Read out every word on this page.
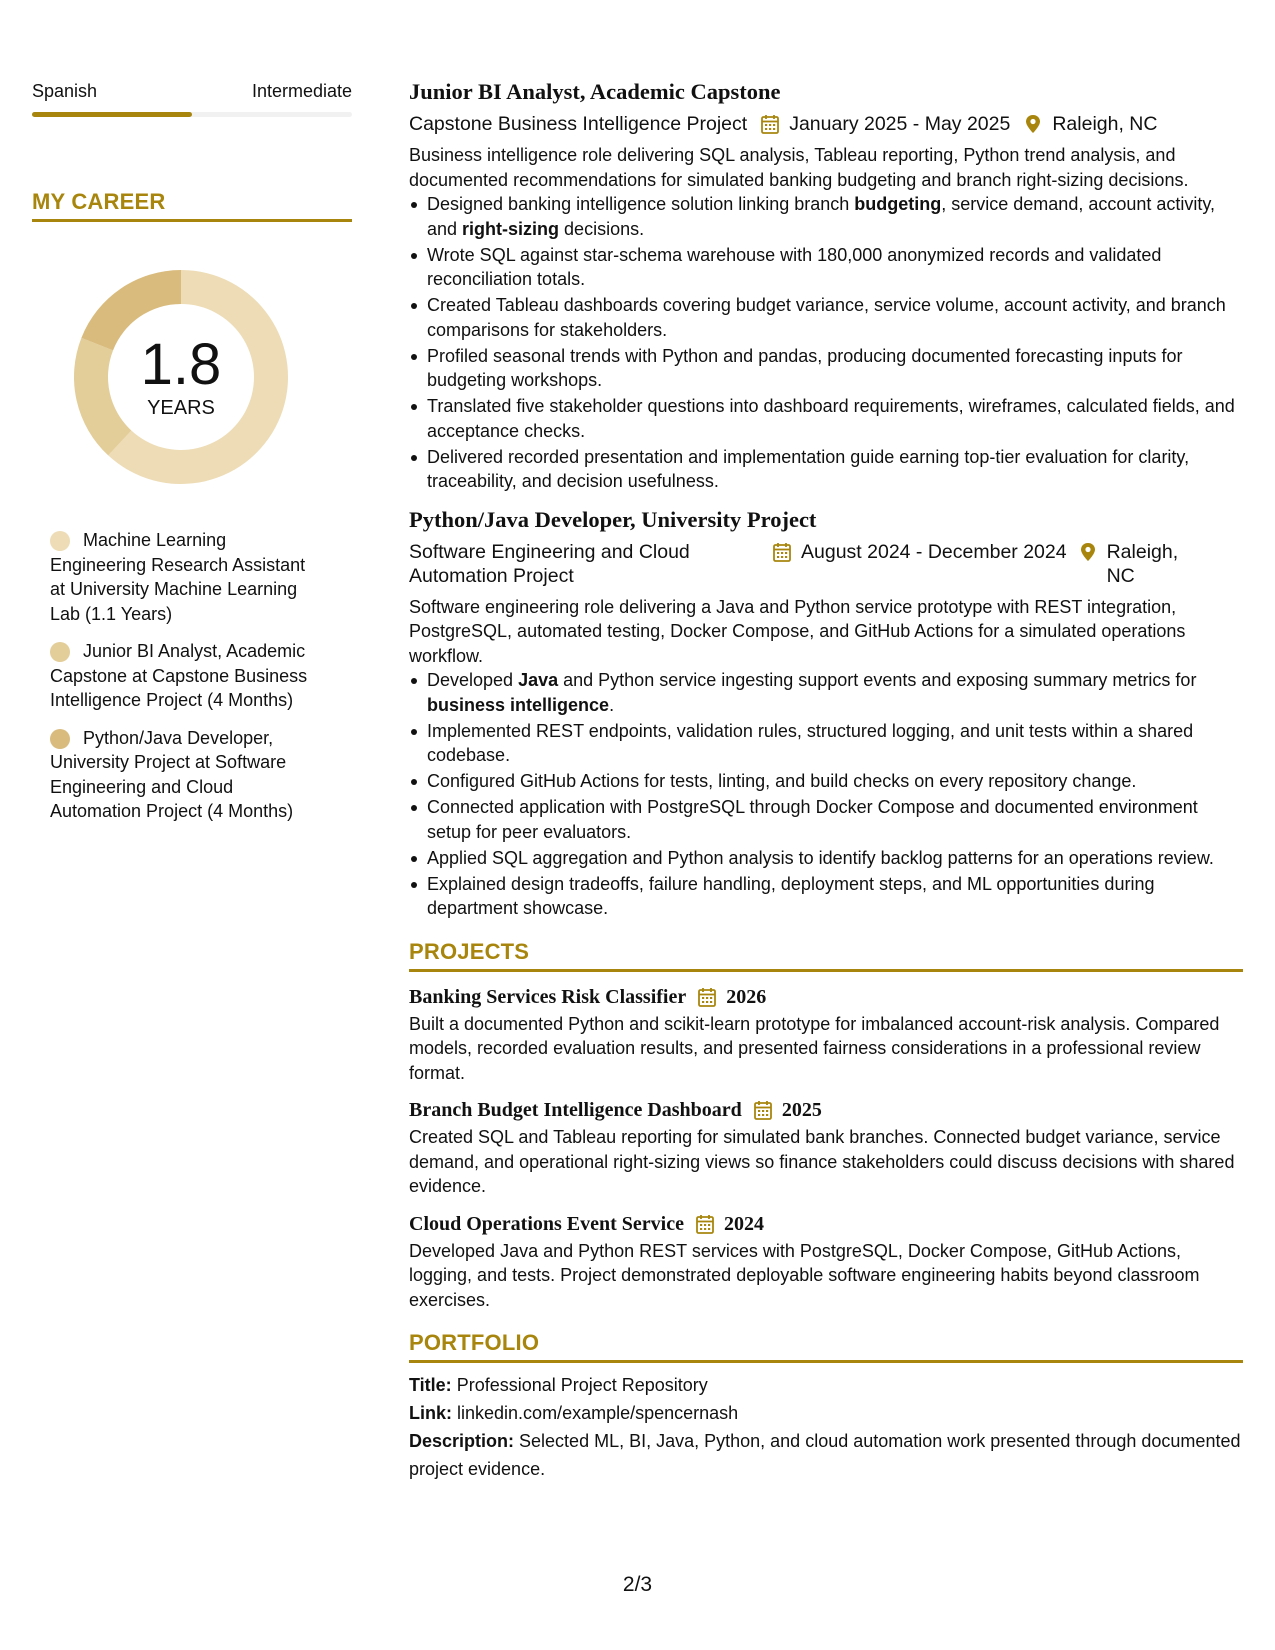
Spanish	Intermediate
MY CAREER
1.8
YEARS
Machine Learning Engineering Research Assistant at University Machine Learning Lab (1.1 Years)
Junior BI Analyst, Academic Capstone at Capstone Business Intelligence Project (4 Months)
Python/Java Developer, University Project at Software Engineering and Cloud Automation Project (4 Months)
Junior BI Analyst, Academic Capstone
Capstone Business Intelligence Project January 2025 - May 2025 Raleigh, NC
Business intelligence role delivering SQL analysis, Tableau reporting, Python trend analysis, and documented recommendations for simulated banking budgeting and branch right-sizing decisions.
Designed banking intelligence solution linking branch budgeting, service demand, account activity, and right-sizing decisions.
Wrote SQL against star-schema warehouse with 180,000 anonymized records and validated reconciliation totals.
Created Tableau dashboards covering budget variance, service volume, account activity, and branch comparisons for stakeholders.
Profiled seasonal trends with Python and pandas, producing documented forecasting inputs for budgeting workshops.
Translated five stakeholder questions into dashboard requirements, wireframes, calculated fields, and acceptance checks.
Delivered recorded presentation and implementation guide earning top-tier evaluation for clarity, traceability, and decision usefulness.
Python/Java Developer, University Project
Software Engineering and Cloud Automation Project
August 2024 - December 2024 Raleigh, NC
Software engineering role delivering a Java and Python service prototype with REST integration, PostgreSQL, automated testing, Docker Compose, and GitHub Actions for a simulated operations workflow.
Developed Java and Python service ingesting support events and exposing summary metrics for business intelligence.
Implemented REST endpoints, validation rules, structured logging, and unit tests within a shared codebase.
Configured GitHub Actions for tests, linting, and build checks on every repository change.
Connected application with PostgreSQL through Docker Compose and documented environment setup for peer evaluators.
Applied SQL aggregation and Python analysis to identify backlog patterns for an operations review.
Explained design tradeoffs, failure handling, deployment steps, and ML opportunities during department showcase.
PROJECTS
Banking Services Risk Classifier 2026
Built a documented Python and scikit-learn prototype for imbalanced account-risk analysis. Compared models, recorded evaluation results, and presented fairness considerations in a professional review format.
Branch Budget Intelligence Dashboard 2025
Created SQL and Tableau reporting for simulated bank branches. Connected budget variance, service demand, and operational right-sizing views so finance stakeholders could discuss decisions with shared evidence.
Cloud Operations Event Service 2024
Developed Java and Python REST services with PostgreSQL, Docker Compose, GitHub Actions, logging, and tests. Project demonstrated deployable software engineering habits beyond classroom exercises.
PORTFOLIO
Title: Professional Project Repository
Link: linkedin.com/example/spencernash
Description: Selected ML, BI, Java, Python, and cloud automation work presented through documented project evidence.
2/3
